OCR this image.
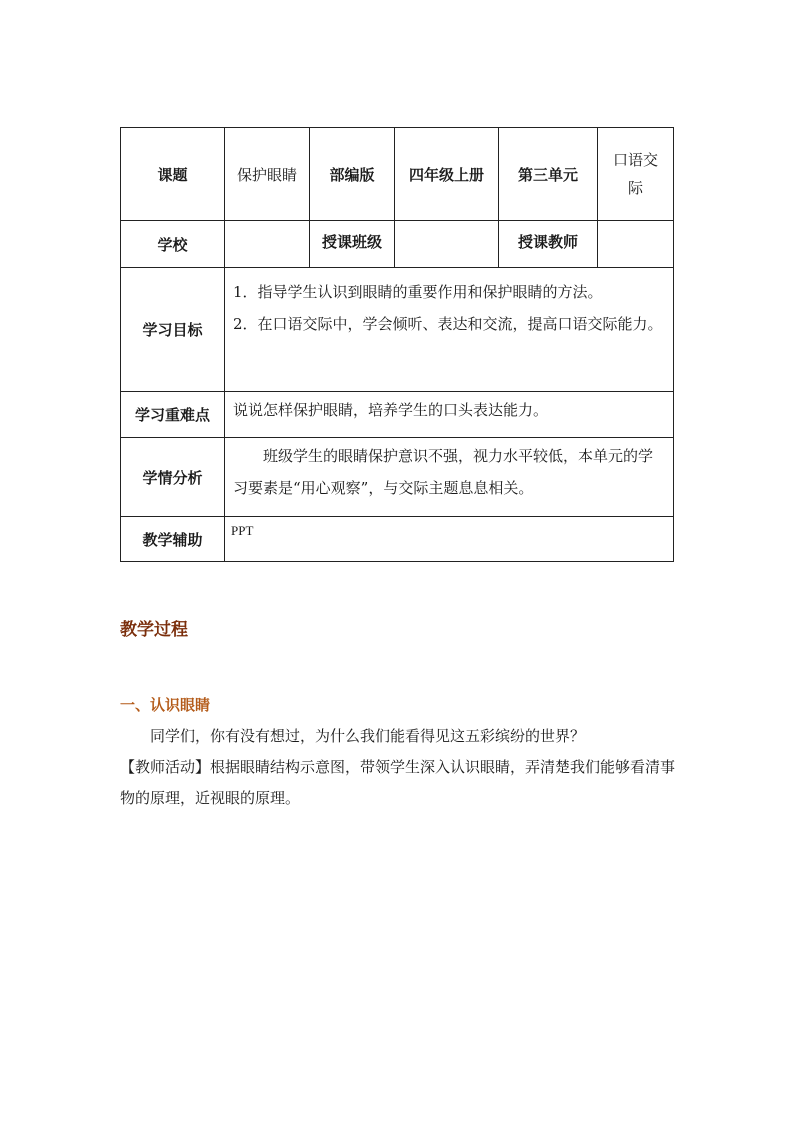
课题	保护眼睛	部编版	四年级上册	第三单元	口语交
际

学校		授课班级		授课教师	
学习目标	1．指导学生认识到眼睛的重要作用和保护眼睛的方法。
2．在口语交际中，学会倾听、表达和交流，提高口语交际能力。				

学习重难点	说说怎样保护眼睛，培养学生的口头表达能力。				
学情分析	班级学生的眼睛保护意识不强，视力水平较低，本单元的学习要素是“用心观察”，与交际主题息息相关。				
教学辅助	PPT				
教学过程
一、认识眼睛
同学们，你有没有想过，为什么我们能看得见这五彩缤纷的世界？
【教师活动】根据眼睛结构示意图，带领学生深入认识眼睛，弄清楚我们能够看清事物的原理，近视眼的原理。
